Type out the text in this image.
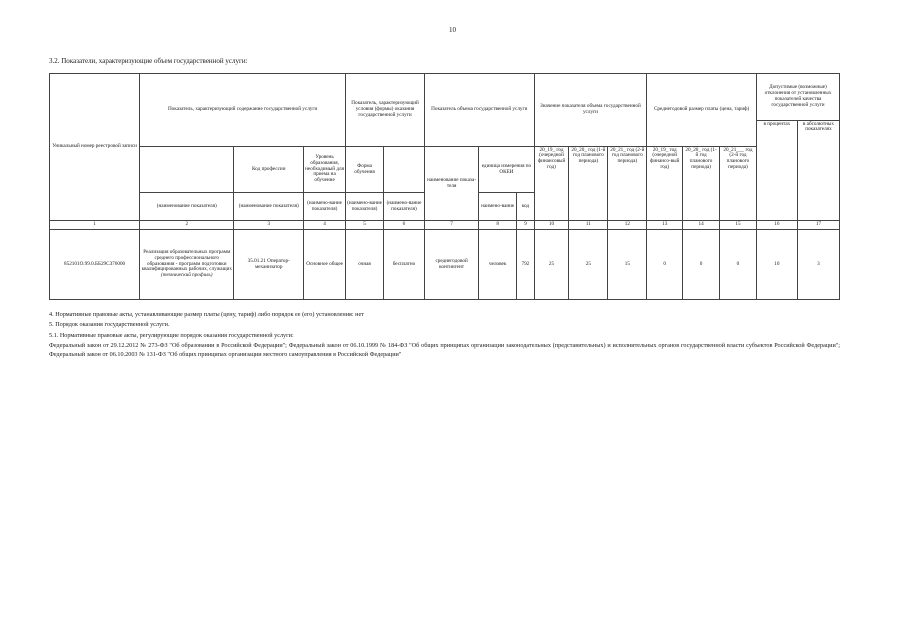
10
3.2. Показатели, характеризующие объем государственной услуги:
Уникальный номер реестровой записи	Показатель, характеризующий содержание государственной услуги			Показатель, характеризующий условия (формы) оказания государственной услуги		Показатель объема государственной услуги			Значение показателя объема государственной услуги			Среднегодовой размер платы (цена, тариф)			Допустимые (возможные) отклонения от установленных показателей качества государственной услуги	
															в процентах	в абсолютных показателях
		Код профессии	Уровень образования, необходимый для приема на обучение	Форма обучения		наименование показа-теля	единица измерения по ОКЕИ		20_19_ год (очередной финансовый год)	20_20_ год (1-й год планового периода)	20_21_ год (2-й год планового периода)	20_19_ год (очередной финансо-вый год)	20_20_ год (1-й год планового периода)	20_21___ год (2-й год планового периода)		
	(наименование показателя)	(наименование показателя)	(наимено-вание показателя)	(наимено-вание показателя)	(наимено-вание показателя)		наимено-вание	код								
1	2	3	4	5	6	7	8	9	10	11	12	13	14	15	16	17
852101О.99.0.ББ29СЗ76000	Реализация образовательных программ среднего профессионального образования - программ подготовки квалифицированных рабочих, служащих (технический профиль)	35.01.21 Оператор-механизатор	Основное общее	очная	бесплатно	среднегодовой контингент	человек	792	25	25	15	0	0	0	10	3

4. Нормативные правовые акты, устанавливающие размер платы (цену, тариф) либо порядок ее (его) установления: нет

5. Порядок оказания государственной услуги.

5.1. Нормативные правовые акты, регулирующие порядок оказания государственной услуги:

Федеральный закон от 29.12.2012 № 273-ФЗ "Об образовании в Российской Федерации"; Федеральный закон от 06.10.1999 № 184-ФЗ "Об общих принципах организации законодательных (представительных) и исполнительных органов государственной власти субъектов Российской Федерации"; Федеральный закон от 06.10.2003 № 131-ФЗ "Об общих принципах организации местного самоуправления в Российской Федерации"
